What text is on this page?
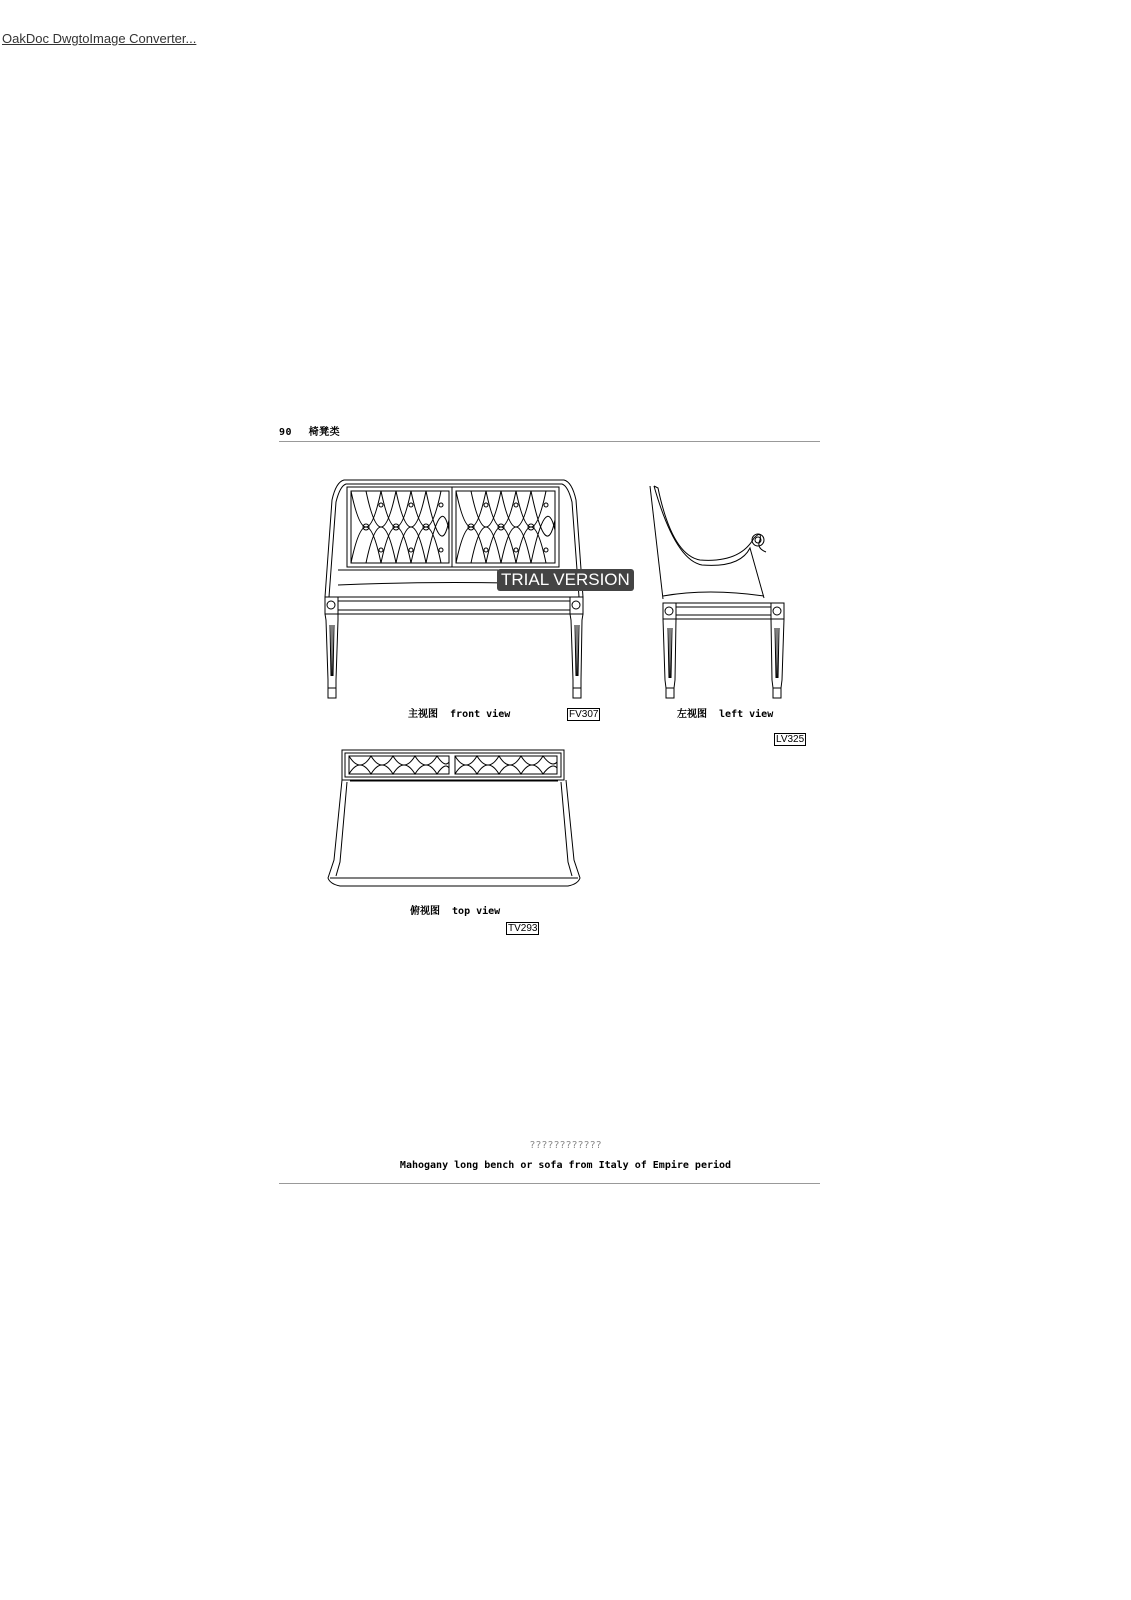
OakDoc DwgtoImage Converter...
90 椅凳类
TRIAL VERSION
主视图  front view	FV307	左视图  left view
LV325
俯视图  top view
TV293
????????????
Mahogany long bench or sofa from Italy of Empire period
